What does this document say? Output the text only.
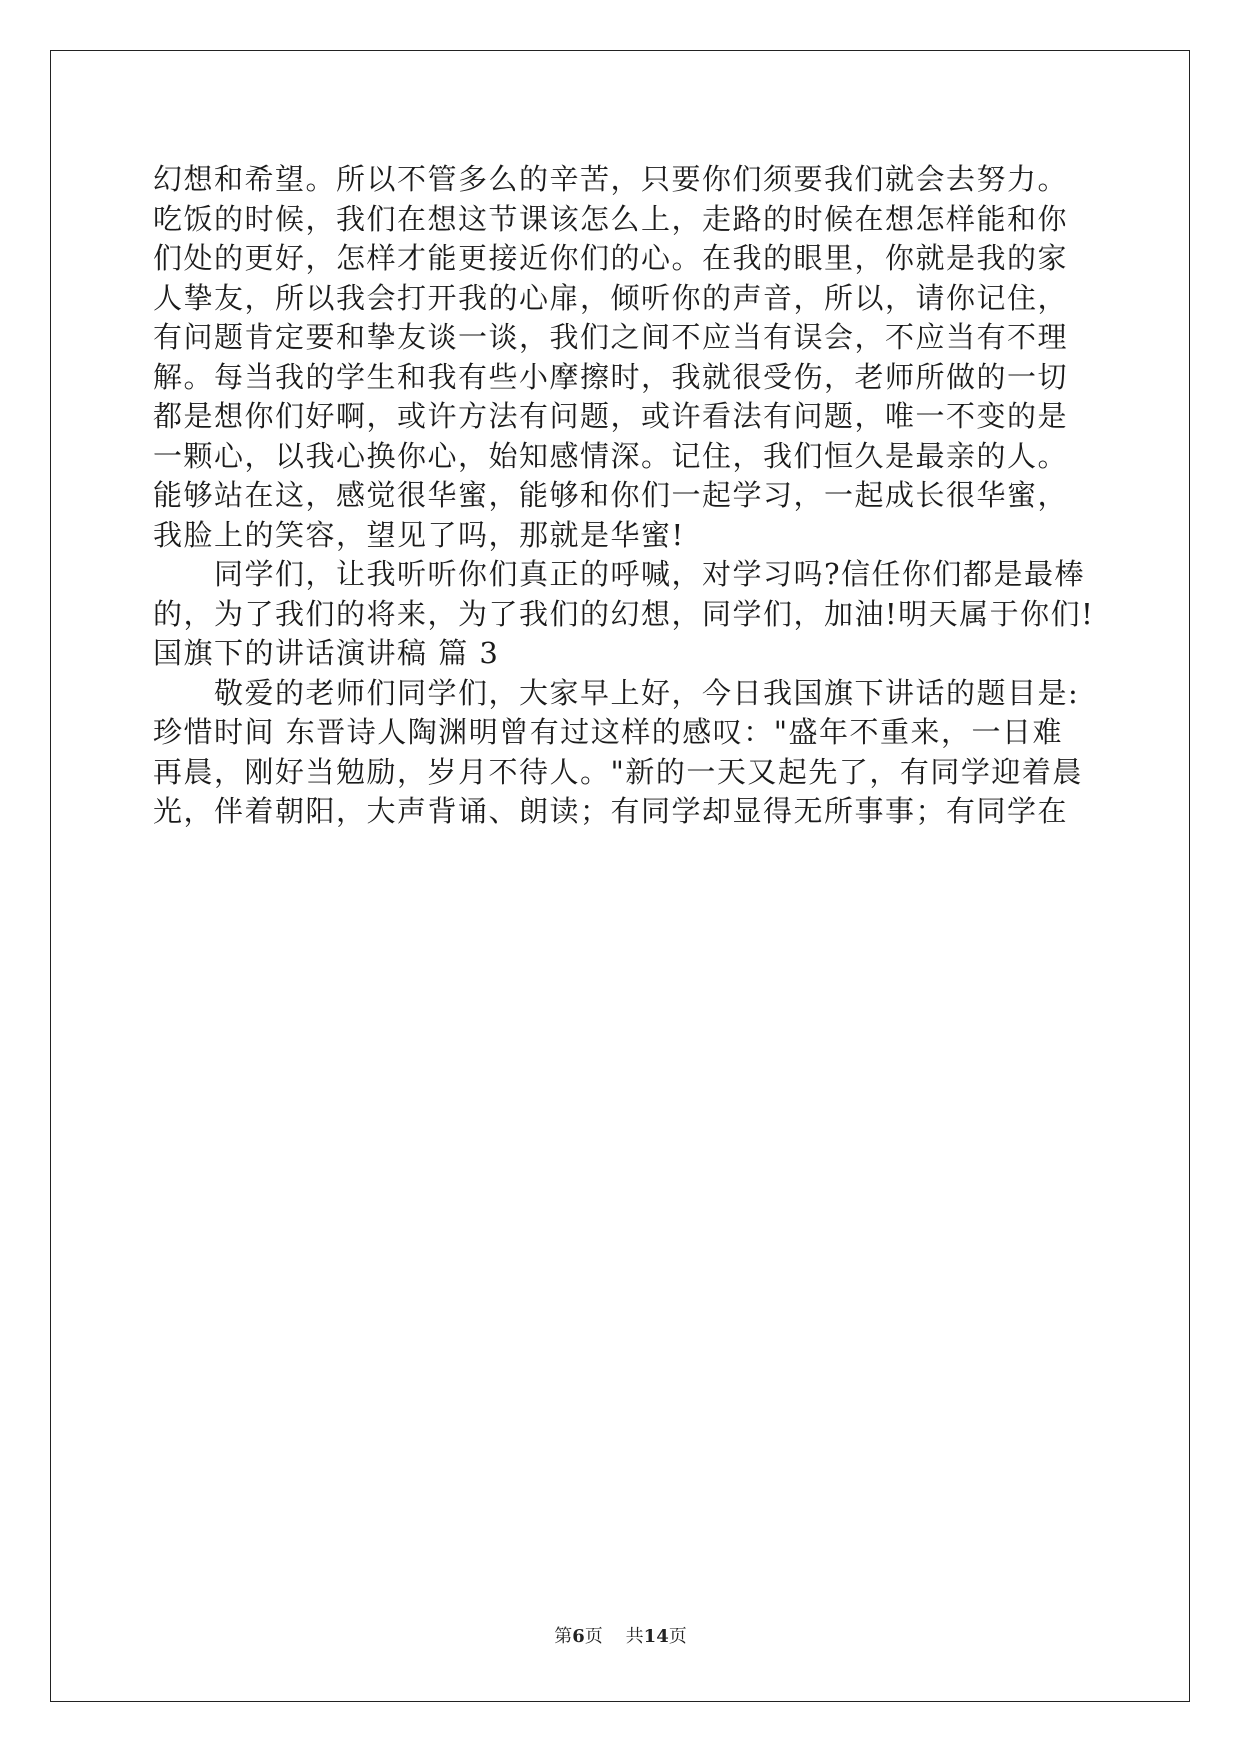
幻想和希望。所以不管多么的辛苦，只要你们须要我们就会去努力。
吃饭的时候，我们在想这节课该怎么上，走路的时候在想怎样能和你
们处的更好，怎样才能更接近你们的心。在我的眼里，你就是我的家
人挚友，所以我会打开我的心扉，倾听你的声音，所以，请你记住，
有问题肯定要和挚友谈一谈，我们之间不应当有误会，不应当有不理
解。每当我的学生和我有些小摩擦时，我就很受伤，老师所做的一切
都是想你们好啊，或许方法有问题，或许看法有问题，唯一不变的是
一颗心，以我心换你心，始知感情深。记住，我们恒久是最亲的人。
能够站在这，感觉很华蜜，能够和你们一起学习，一起成长很华蜜，
我脸上的笑容，望见了吗，那就是华蜜!
同学们，让我听听你们真正的呼喊，对学习吗?信任你们都是最棒
的，为了我们的将来，为了我们的幻想，同学们，加油!明天属于你们!
国旗下的讲话演讲稿 篇 3
敬爱的老师们同学们，大家早上好，今日我国旗下讲话的题目是:
珍惜时间 东晋诗人陶渊明曾有过这样的感叹："盛年不重来，一日难
再晨，刚好当勉励，岁月不待人。"新的一天又起先了，有同学迎着晨
光，伴着朝阳，大声背诵、朗读；有同学却显得无所事事；有同学在
第6页 共14页
